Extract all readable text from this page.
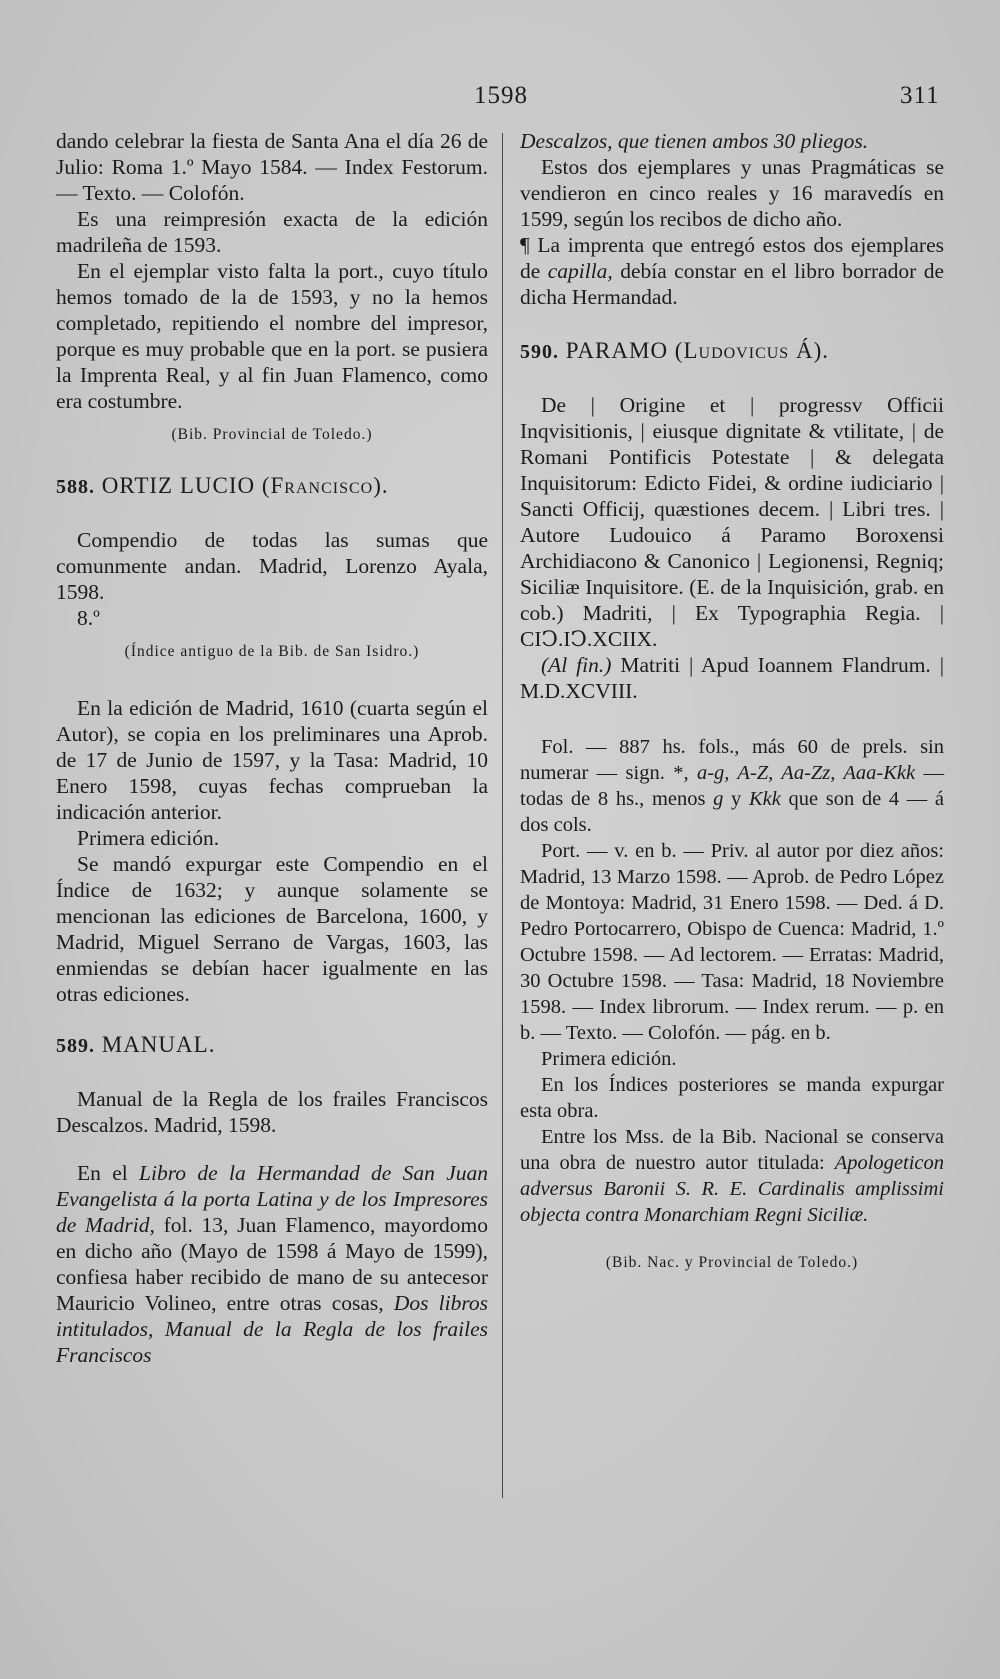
1598	311

dando celebrar la fiesta de Santa Ana el día 26 de Julio: Roma 1.º Mayo 1584. — Index Festorum. — Texto. — Colofón.

Es una reimpresión exacta de la edición madrileña de 1593.

En el ejemplar visto falta la port., cuyo título hemos tomado de la de 1593, y no la hemos completado, repitiendo el nombre del impresor, porque es muy probable que en la port. se pusiera la Imprenta Real, y al fin Juan Flamenco, como era costumbre.

(Bib. Provincial de Toledo.)

588. ORTIZ LUCIO (Francisco).

Compendio de todas las sumas que comunmente andan. Madrid, Lorenzo Ayala, 1598.

8.º

(Índice antiguo de la Bib. de San Isidro.)

En la edición de Madrid, 1610 (cuarta según el Autor), se copia en los preliminares una Aprob. de 17 de Junio de 1597, y la Tasa: Madrid, 10 Enero 1598, cuyas fechas comprueban la indicación anterior.

Primera edición.

Se mandó expurgar este Compendio en el Índice de 1632; y aunque solamente se mencionan las ediciones de Barcelona, 1600, y Madrid, Miguel Serrano de Vargas, 1603, las enmiendas se debían hacer igualmente en las otras ediciones.

589. MANUAL.

Manual de la Regla de los frailes Franciscos Descalzos. Madrid, 1598.

En el Libro de la Hermandad de San Juan Evangelista á la porta Latina y de los Impresores de Madrid, fol. 13, Juan Flamenco, mayordomo en dicho año (Mayo de 1598 á Mayo de 1599), confiesa haber recibido de mano de su antecesor Mauricio Volineo, entre otras cosas, Dos libros intitulados, Manual de la Regla de los frailes Franciscos

Descalzos, que tienen ambos 30 pliegos.

Estos dos ejemplares y unas Pragmáticas se vendieron en cinco reales y 16 maravedís en 1599, según los recibos de dicho año.

¶ La imprenta que entregó estos dos ejemplares de capilla, debía constar en el libro borrador de dicha Hermandad.

590. PARAMO (Ludovicus Á).

De | Origine et | progressv Officii Inqvisitionis, | eiusque dignitate & vtilitate, | de Romani Pontificis Potestate | & delegata Inquisitorum: Edicto Fidei, & ordine iudiciario | Sancti Officij, quæstiones decem. | Libri tres. | Autore Ludouico á Paramo Boroxensi Archidiacono & Canonico | Legionensi, Regniq; Siciliæ Inquisitore. (E. de la Inquisición, grab. en cob.) Madriti, | Ex Typographia Regia. | CIↃ.IↃ.XCIIX.

(Al fin.) Matriti | Apud Ioannem Flandrum. | M.D.XCVIII.

Fol. — 887 hs. fols., más 60 de prels. sin numerar — sign. *, a-g, A-Z, Aa-Zz, Aaa-Kkk — todas de 8 hs., menos g y Kkk que son de 4 — á dos cols.

Port. — v. en b. — Priv. al autor por diez años: Madrid, 13 Marzo 1598. — Aprob. de Pedro López de Montoya: Madrid, 31 Enero 1598. — Ded. á D. Pedro Portocarrero, Obispo de Cuenca: Madrid, 1.º Octubre 1598. — Ad lectorem. — Erratas: Madrid, 30 Octubre 1598. — Tasa: Madrid, 18 Noviembre 1598. — Index librorum. — Index rerum. — p. en b. — Texto. — Colofón. — pág. en b.

Primera edición.

En los Índices posteriores se manda expurgar esta obra.

Entre los Mss. de la Bib. Nacional se conserva una obra de nuestro autor titulada: Apologeticon adversus Baronii S. R. E. Cardinalis amplissimi objecta contra Monarchiam Regni Siciliæ.

(Bib. Nac. y Provincial de Toledo.)
